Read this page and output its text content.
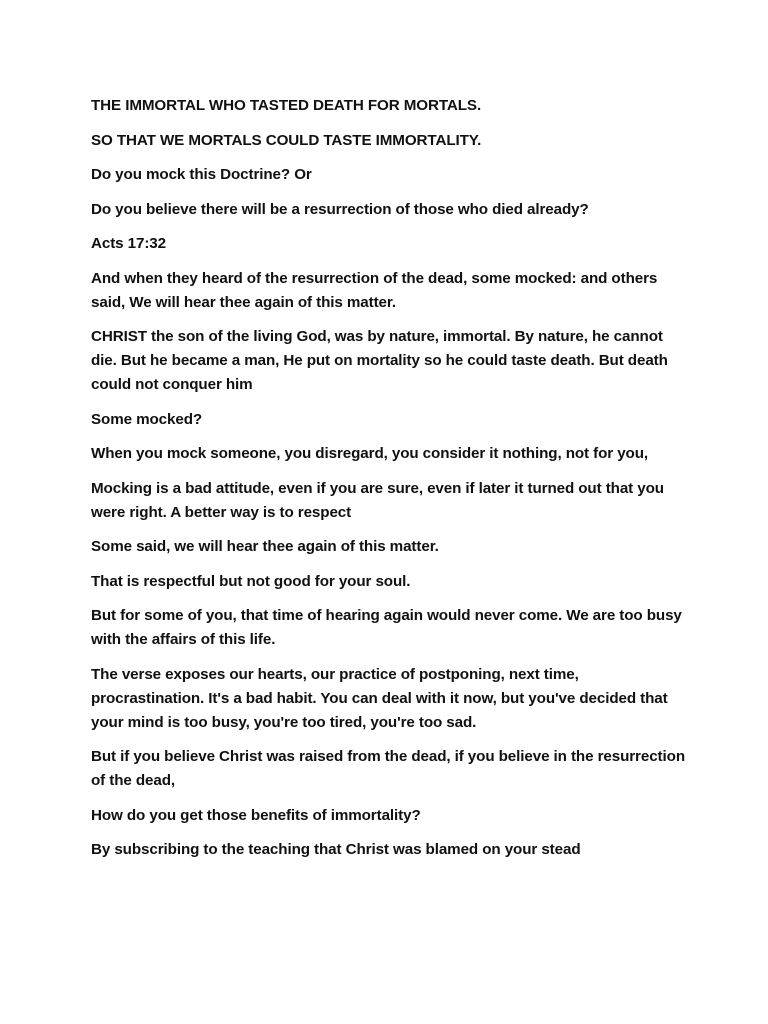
THE IMMORTAL WHO TASTED DEATH FOR MORTALS.

SO THAT WE MORTALS COULD TASTE IMMORTALITY.

Do you mock this Doctrine? Or

Do you believe there will be a resurrection of those who died already?

Acts 17:32

And when they heard of the resurrection of the dead, some mocked: and others said, We will hear thee again of this matter.

CHRIST the son of the living God, was by nature, immortal. By nature, he cannot die. But he became a man, He put on mortality so he could taste death. But death could not conquer him

Some mocked?

When you mock someone, you disregard, you consider it nothing, not for you,

Mocking is a bad attitude, even if you are sure, even if later it turned out that you were right. A better way is to respect

Some said, we will hear thee again of this matter.

That is respectful but not good for your soul.

But for some of you, that time of hearing again would never come. We are too busy with the affairs of this life.

The verse exposes our hearts, our practice of postponing, next time, procrastination. It's a bad habit. You can deal with it now, but you've decided that your mind is too busy, you're too tired, you're too sad.

But if you believe Christ was raised from the dead, if you believe in the resurrection of the dead,

How do you get those benefits of immortality?

By subscribing to the teaching that Christ was blamed on your stead
